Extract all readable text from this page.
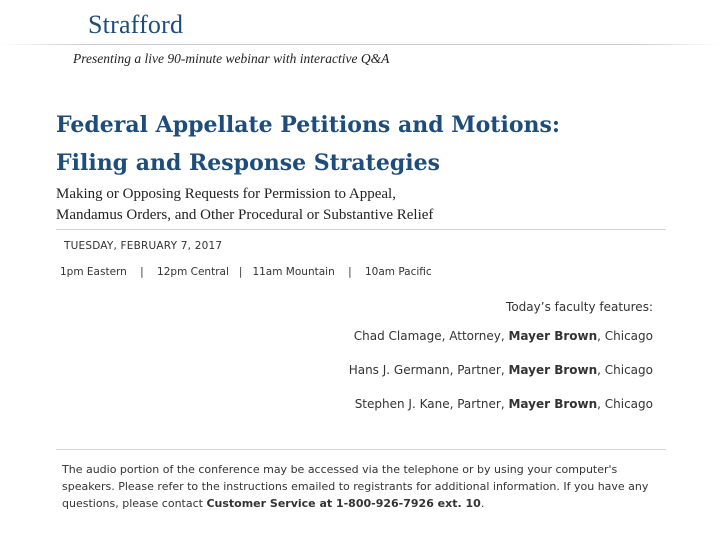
Strafford
Presenting a live 90-minute webinar with interactive Q&A
Federal Appellate Petitions and Motions:
Filing and Response Strategies
Making or Opposing Requests for Permission to Appeal,
Mandamus Orders, and Other Procedural or Substantive Relief
TUESDAY, FEBRUARY 7, 2017
1pm Eastern    |    12pm Central   |   11am Mountain    |    10am Pacific
Today’s faculty features:
Chad Clamage, Attorney, Mayer Brown, Chicago
Hans J. Germann, Partner, Mayer Brown, Chicago
Stephen J. Kane, Partner, Mayer Brown, Chicago
The audio portion of the conference may be accessed via the telephone or by using your computer's speakers. Please refer to the instructions emailed to registrants for additional information. If you have any questions, please contact Customer Service at 1-800-926-7926 ext. 10.
